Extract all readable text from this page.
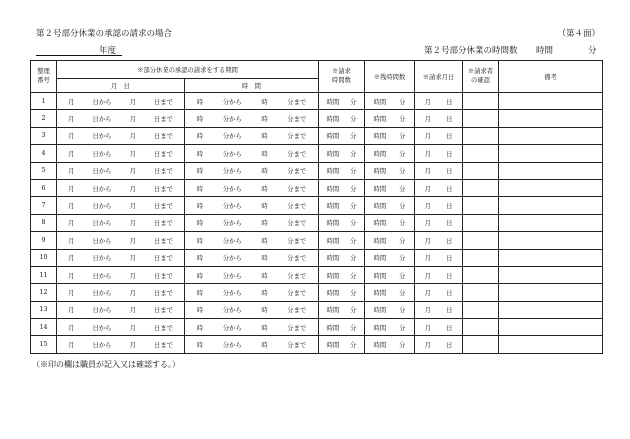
第２号部分休業の承認の請求の場合	（第４面）
年度	第２号部分休業の時間数 時間	分
整理
番号	※部分休業の承認の請求をする期間		※請求
時間数	※残時間数	※請求月日	※請求者
の確認	備考
	月　日	時　間					
1	月 日から 月 日まで	時 分から 時 分まで	時間 分	時間 分	月 日		

2	月 日から 月 日まで	時 分から 時 分まで	時間 分	時間 分	月 日		

3	月 日から 月 日まで	時 分から 時 分まで	時間 分	時間 分	月 日		

4	月 日から 月 日まで	時 分から 時 分まで	時間 分	時間 分	月 日		

5	月 日から 月 日まで	時 分から 時 分まで	時間 分	時間 分	月 日		

6	月 日から 月 日まで	時 分から 時 分まで	時間 分	時間 分	月 日		

7	月 日から 月 日まで	時 分から 時 分まで	時間 分	時間 分	月 日		

8	月 日から 月 日まで	時 分から 時 分まで	時間 分	時間 分	月 日		

9	月 日から 月 日まで	時 分から 時 分まで	時間 分	時間 分	月 日		

10	月 日から 月 日まで	時 分から 時 分まで	時間 分	時間 分	月 日		

11	月 日から 月 日まで	時 分から 時 分まで	時間 分	時間 分	月 日		

12	月 日から 月 日まで	時 分から 時 分まで	時間 分	時間 分	月 日		

13	月 日から 月 日まで	時 分から 時 分まで	時間 分	時間 分	月 日		

14	月 日から 月 日まで	時 分から 時 分まで	時間 分	時間 分	月 日		

15	月 日から 月 日まで	時 分から 時 分まで	時間 分	時間 分	月 日		

（※印の欄は職員が記入又は確認する。）
